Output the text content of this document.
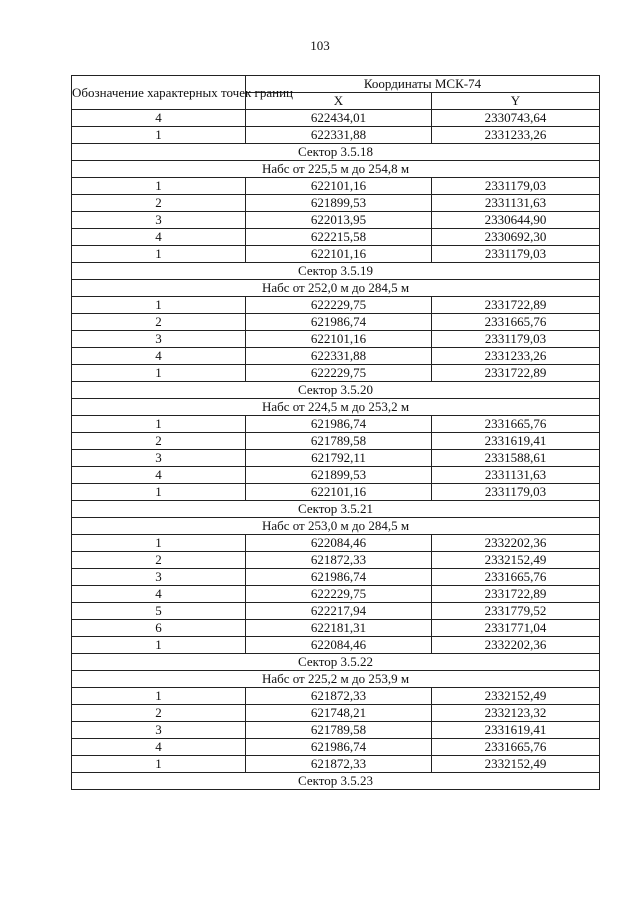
103
Обозначение характерных точек границ	Координаты МСК-74	
	X	Y
4	622434,01	2330743,64
1	622331,88	2331233,26
Сектор 3.5.18		
Набс от 225,5 м до 254,8 м		
1	622101,16	2331179,03
2	621899,53	2331131,63
3	622013,95	2330644,90
4	622215,58	2330692,30
1	622101,16	2331179,03
Сектор 3.5.19		
Набс от 252,0 м до 284,5 м		
1	622229,75	2331722,89
2	621986,74	2331665,76
3	622101,16	2331179,03
4	622331,88	2331233,26
1	622229,75	2331722,89
Сектор 3.5.20		
Набс от 224,5 м до 253,2 м		
1	621986,74	2331665,76
2	621789,58	2331619,41
3	621792,11	2331588,61
4	621899,53	2331131,63
1	622101,16	2331179,03
Сектор 3.5.21		
Набс от 253,0 м до 284,5 м		
1	622084,46	2332202,36
2	621872,33	2332152,49
3	621986,74	2331665,76
4	622229,75	2331722,89
5	622217,94	2331779,52
6	622181,31	2331771,04
1	622084,46	2332202,36
Сектор 3.5.22		
Набс от 225,2 м до 253,9 м		
1	621872,33	2332152,49
2	621748,21	2332123,32
3	621789,58	2331619,41
4	621986,74	2331665,76
1	621872,33	2332152,49
Сектор 3.5.23		
